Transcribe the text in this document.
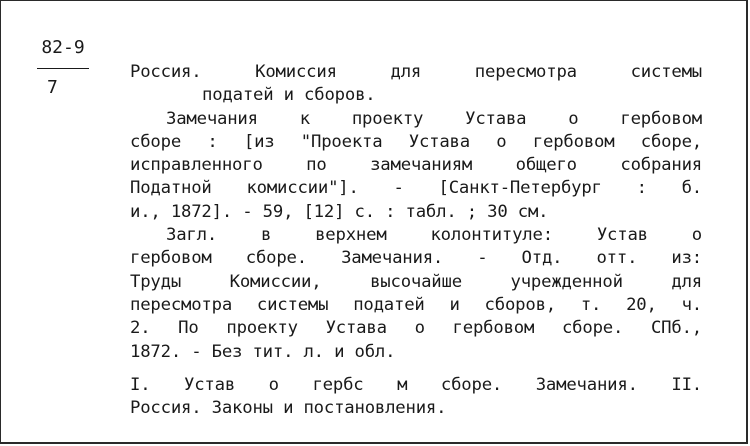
82-9
7
Россия. Комиссия для пересмотра системы
податей и сборов.
Замечания к проекту Устава о гербовом
сборе : [из "Проекта Устава о гербовом сборе,
исправленного по замечаниям общего собрания
Податной комиссии"]. - [Санкт-Петербург : б.
и., 1872]. - 59, [12] с. : табл. ; 30 см.
Загл. в верхнем колонтитуле: Устав о
гербовом сборе. Замечания. - Отд. отт. из:
Труды Комиссии, высочайше учрежденной для
пересмотра системы податей и сборов, т. 20, ч.
2. По проекту Устава о гербовом сборе. СПб.,
1872. - Без тит. л. и обл.
I. Устав о гербс м сборе. Замечания. II.
Россия. Законы и постановления.
